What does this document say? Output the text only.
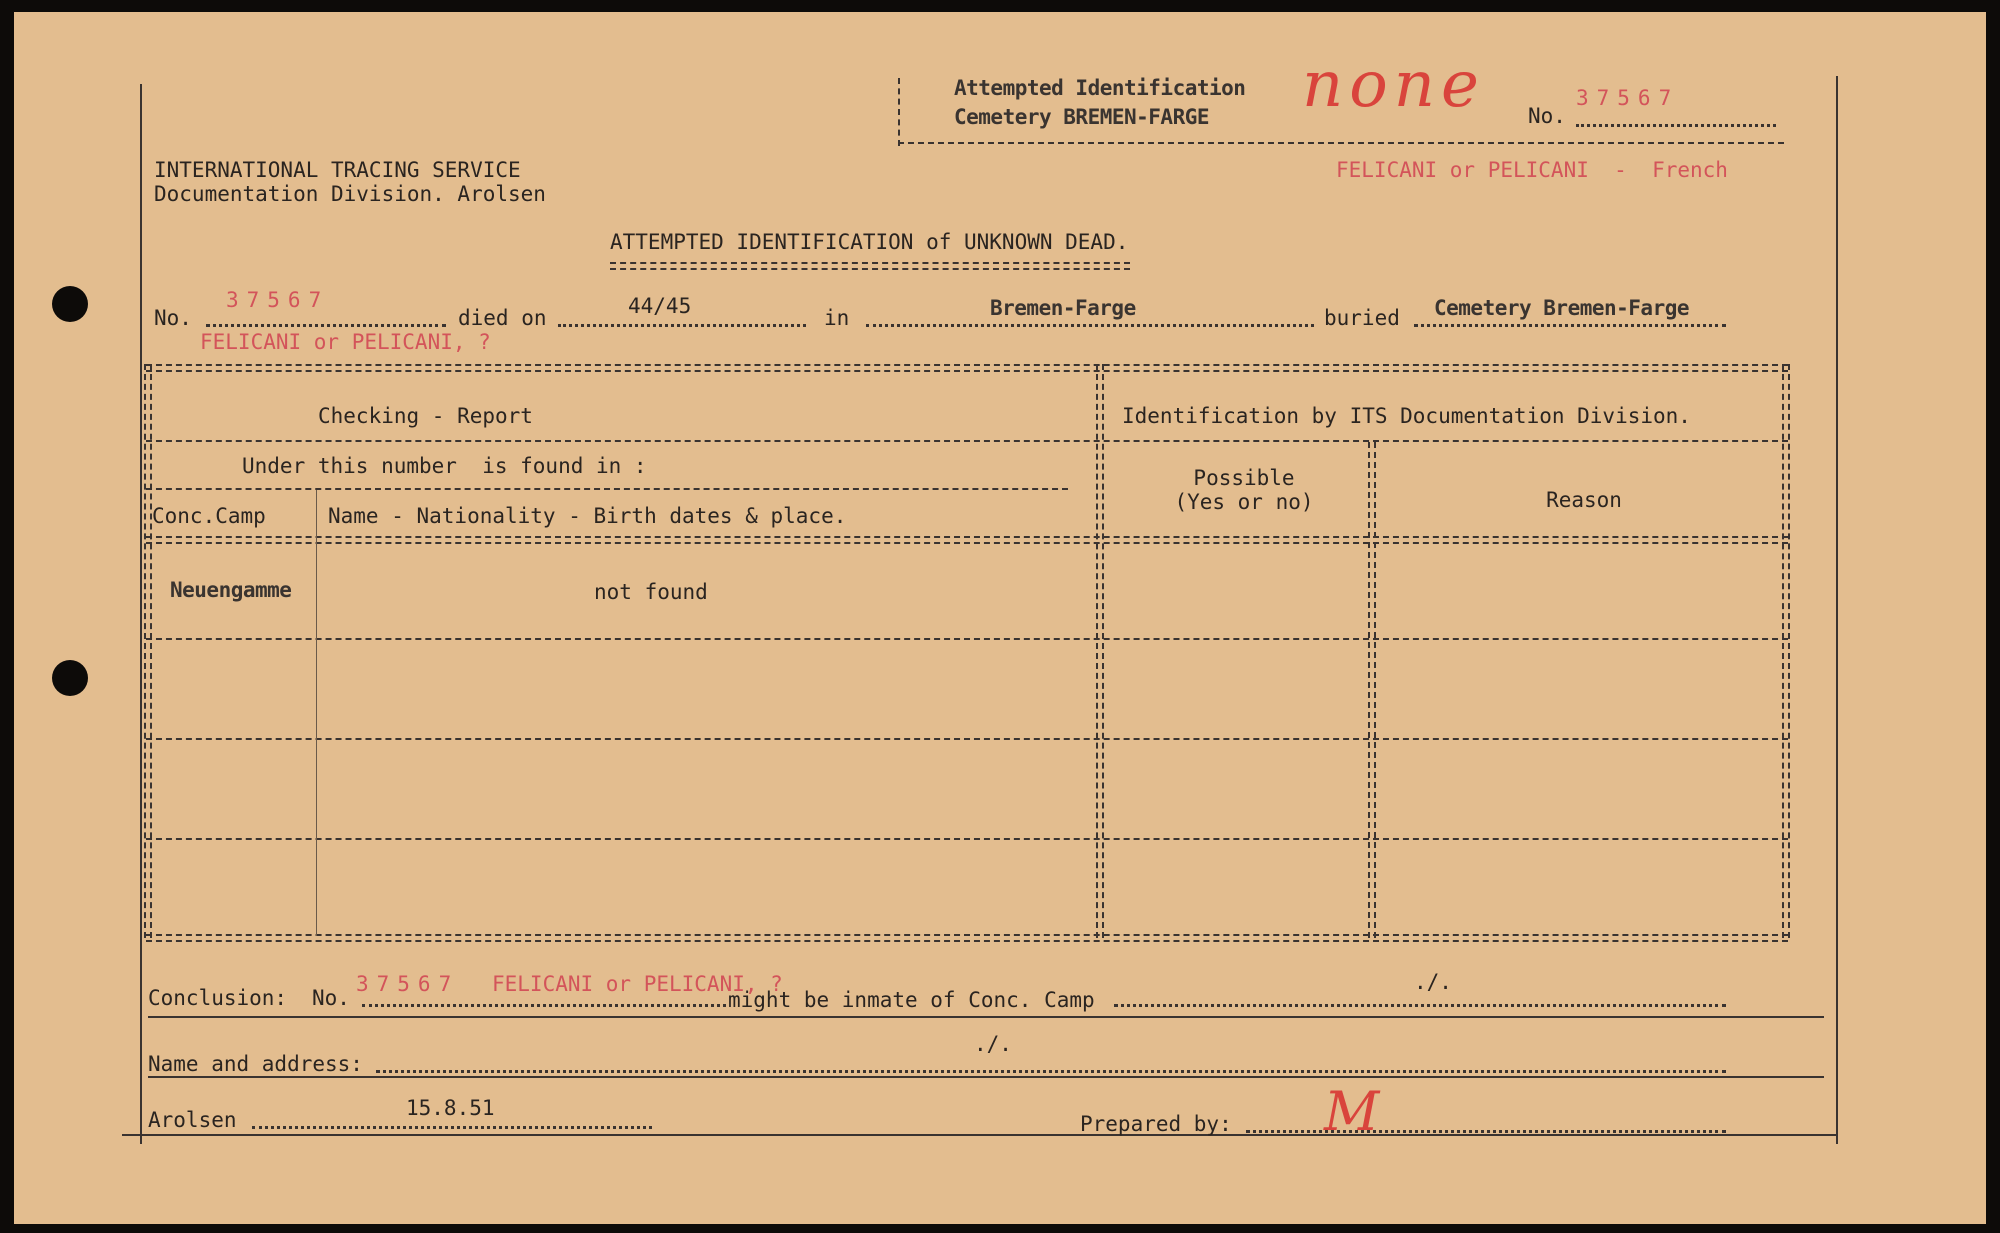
Attempted Identification
Cemetery BREMEN-FARGE none No.
37567
INTERNATIONAL TRACING SERVICE
Documentation Division. Arolsen
FELICANI or PELICANI  -  French
ATTEMPTED IDENTIFICATION of UNKNOWN DEAD.
No.
37567
died on	44/45	in	Bremen-Farge	buried Cemetery Bremen-Farge
FELICANI or PELICANI, ?
Checking - Report	Identification by ITS Documentation Division.
Under this number  is found in :
Conc.Camp	Name - Nationality - Birth dates & place.
Possible
(Yes or no)	Reason
Neuengamme	not found
Conclusion: No.
37567 FELICANI or PELICANI, ?
might be inmate of Conc. Camp
./.
Name and address:
./.
Arolsen	15.8.51
Prepared by: M
